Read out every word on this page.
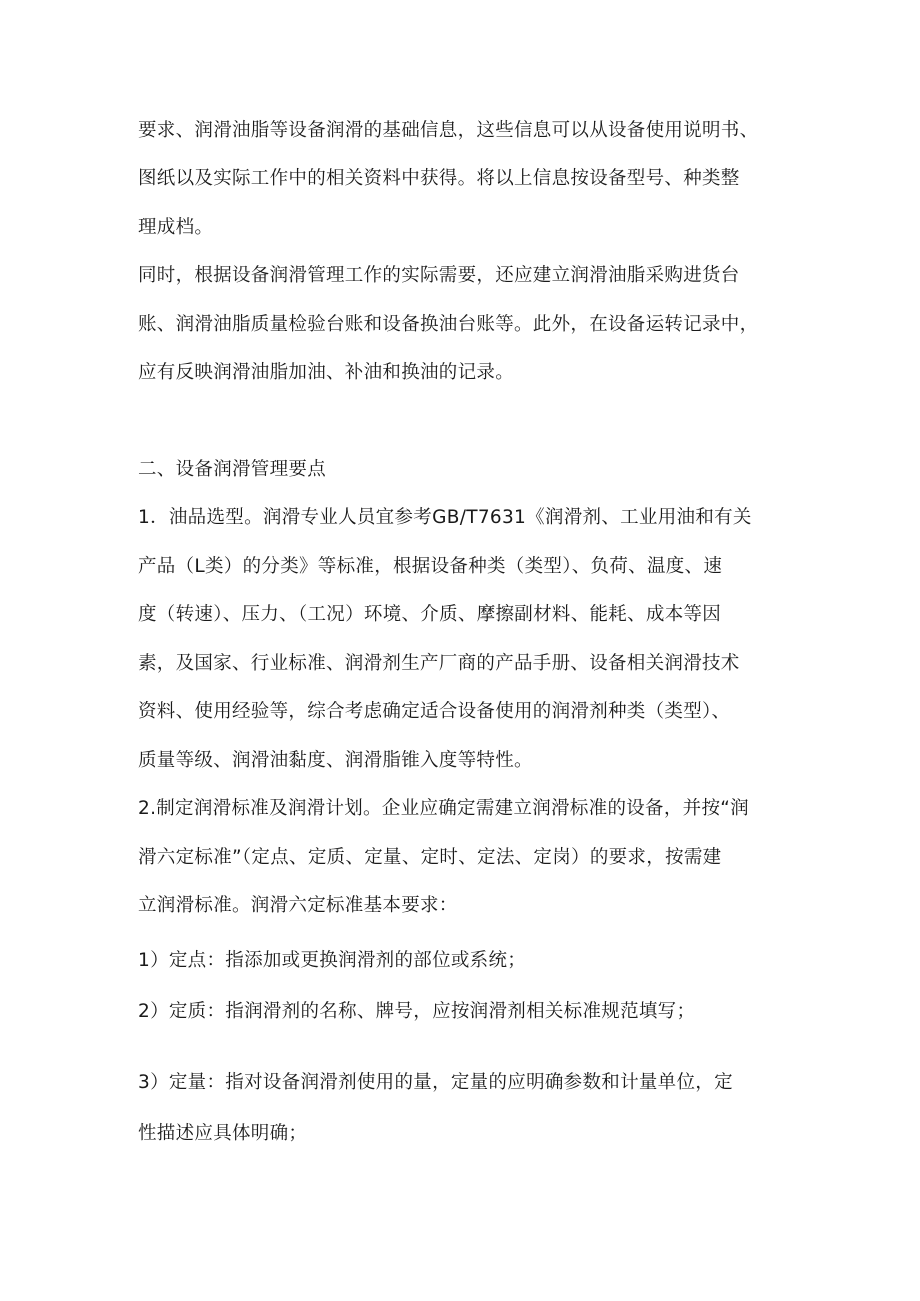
要求、润滑油脂等设备润滑的基础信息，这些信息可以从设备使用说明书、

图纸以及实际工作中的相关资料中获得。将以上信息按设备型号、种类整

理成档。

同时，根据设备润滑管理工作的实际需要，还应建立润滑油脂采购进货台

账、润滑油脂质量检验台账和设备换油台账等。此外，在设备运转记录中，

应有反映润滑油脂加油、补油和换油的记录。

二、设备润滑管理要点

1．油品选型。润滑专业人员宜参考GB/T7631《润滑剂、工业用油和有关

产品（L类）的分类》等标准，根据设备种类（类型）、负荷、温度、速

度（转速）、压力、（工况）环境、介质、摩擦副材料、能耗、成本等因

素，及国家、行业标准、润滑剂生产厂商的产品手册、设备相关润滑技术

资料、使用经验等，综合考虑确定适合设备使用的润滑剂种类（类型）、

质量等级、润滑油黏度、润滑脂锥入度等特性。

2.制定润滑标准及润滑计划。企业应确定需建立润滑标准的设备，并按“润

滑六定标准”（定点、定质、定量、定时、定法、定岗）的要求，按需建

立润滑标准。润滑六定标准基本要求：

1）定点：指添加或更换润滑剂的部位或系统；

2）定质：指润滑剂的名称、牌号，应按润滑剂相关标准规范填写；

3）定量：指对设备润滑剂使用的量，定量的应明确参数和计量单位，定

性描述应具体明确；
